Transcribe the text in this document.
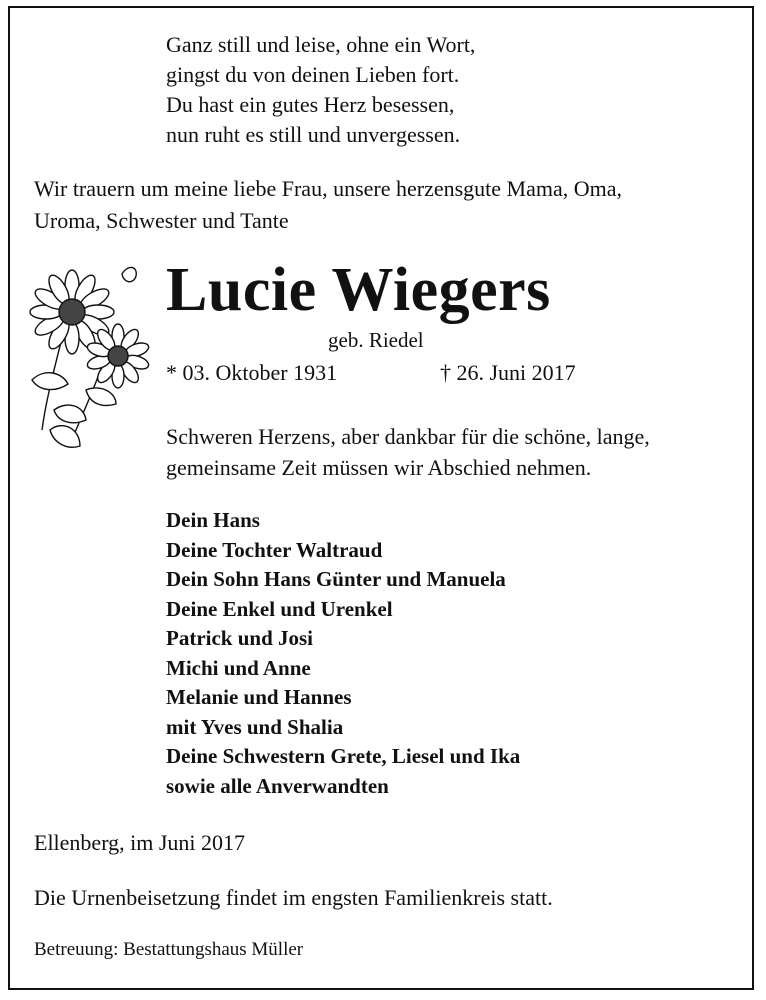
Ganz still und leise, ohne ein Wort,
gingst du von deinen Lieben fort.
Du hast ein gutes Herz besessen,
nun ruht es still und unvergessen.
Wir trauern um meine liebe Frau, unsere herzensgute Mama, Oma,
Uroma, Schwester und Tante
Lucie Wiegers
geb. Riedel
* 03. Oktober 1931	† 26. Juni 2017
Schweren Herzens, aber dankbar für die schöne, lange,
gemeinsame Zeit müssen wir Abschied nehmen.
Dein Hans
Deine Tochter Waltraud
Dein Sohn Hans Günter und Manuela
Deine Enkel und Urenkel
Patrick und Josi
Michi und Anne
Melanie und Hannes
mit Yves und Shalia
Deine Schwestern Grete, Liesel und Ika
sowie alle Anverwandten
Ellenberg, im Juni 2017
Die Urnenbeisetzung findet im engsten Familienkreis statt.
Betreuung: Bestattungshaus Müller
